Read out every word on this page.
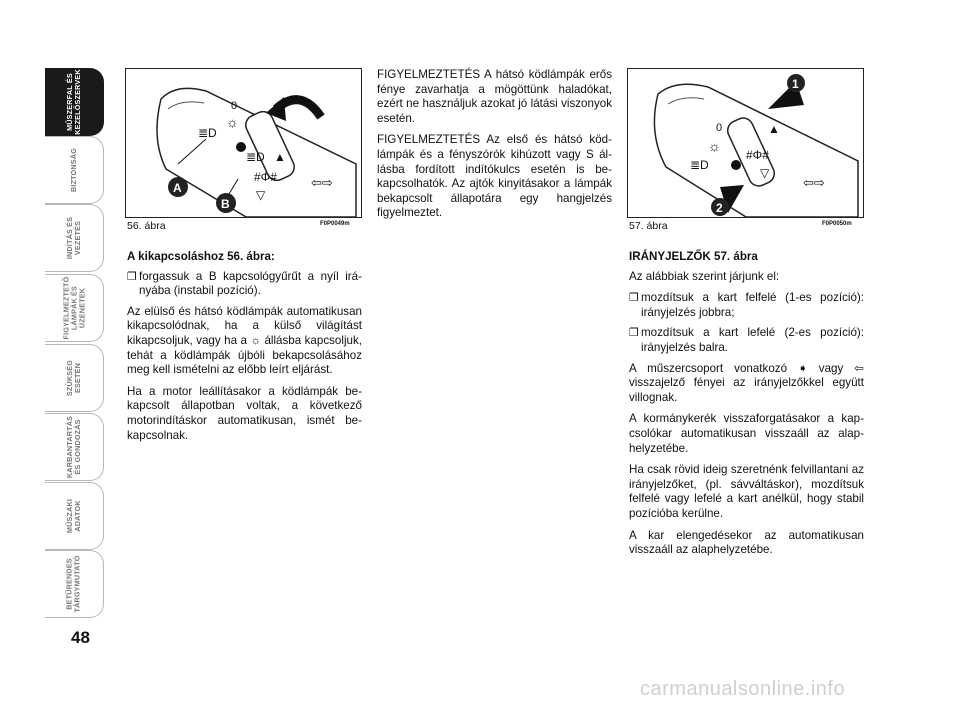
MŰSZERFAL ÉS
KEZELŐSZERVEK
BIZTONSÁG
INDÍTÁS ÉS
VEZETÉS
FIGYELMEZTETŐ
LÁMPÁK ÉS
ÜZENETEK
SZÜKSÉG
ESETÉN
KARBANTARTÁS
ÉS GONDOZÁS
MŰSZAKI
ADATOK
BETŰRENDES
TÁRGYMUTATÓ
48
0
☼
≣D
≣D ▲
#Φ#
▽
⇦⇨
A
B
56. ábra	F0P0049m

A kikapcsoláshoz 56. ábra:

❐ forgassuk a B kapcsológyűrűt a nyíl irányába (instabil pozíció).

Az elülső és hátsó ködlámpák automatikusan kikapcsolódnak, ha a külső világítást kikapcsoljuk, vagy ha a ☼ állásba kapcsoljuk, tehát a ködlámpák újbóli bekapcsolásához meg kell ismételni az előbb leírt eljárást.

Ha a motor leállításakor a ködlámpák bekapcsolt állapotban voltak, a következő motorindításkor automatikusan, ismét bekapcsolnak.

FIGYELMEZTETÉS A hátsó ködlámpák erős fénye zavarhatja a mögöttünk haladókat, ezért ne használjuk azokat jó látási viszonyok esetén.

FIGYELMEZTETÉS Az első és hátsó ködlámpák és a fényszórók kihúzott vagy S állásba fordított indítókulcs esetén is bekapcsolhatók. Az ajtók kinyitásakor a lámpák bekapcsolt állapotára egy hangjelzés figyelmeztet.

0
☼
≣D
▲
#Φ#
▽
⇦⇨
1
2
57. ábra	F0P0050m

IRÁNYJELZŐK 57. ábra

Az alábbiak szerint járjunk el:

❐ mozdítsuk a kart felfelé (1-es pozíció): irányjelzés jobbra;
❐ mozdítsuk a kart lefelé (2-es pozíció): irányjelzés balra.

A műszercsoport vonatkozó ➧ vagy ⇦ visszajelző fényei az irányjelzőkkel együtt villognak.

A kormánykerék visszaforgatásakor a kapcsolókar automatikusan visszaáll az alaphelyzetébe.

Ha csak rövid ideig szeretnénk felvillantani az irányjelzőket, (pl. sávváltáskor), mozdítsuk felfelé vagy lefelé a kart anélkül, hogy stabil pozícióba kerülne.

A kar elengedésekor az automatikusan visszaáll az alaphelyzetébe.

carmanualsonline.info
